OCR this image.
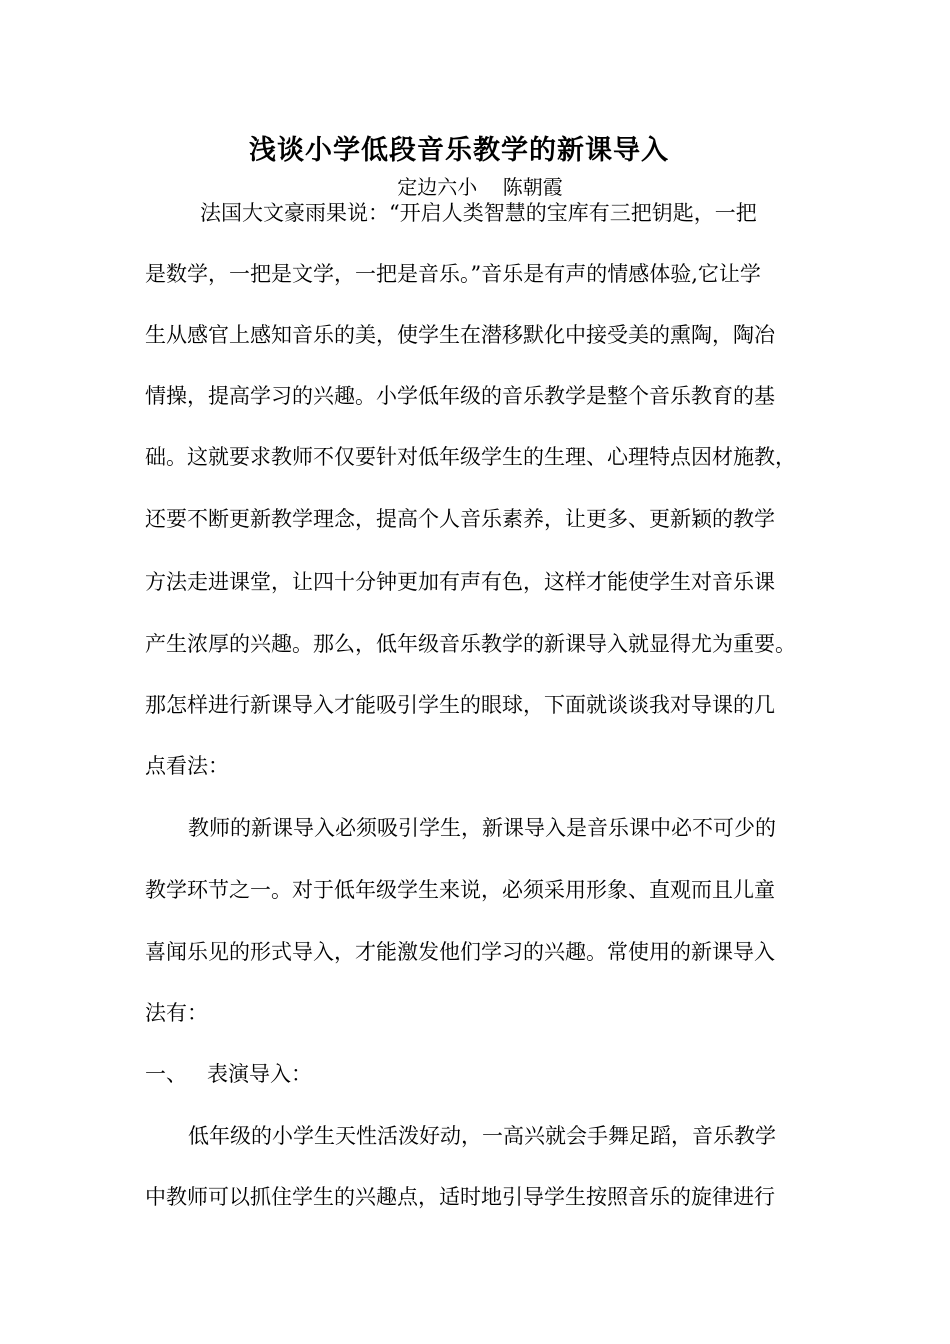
浅谈小学低段音乐教学的新课导入
定边六小    陈朝霞
法国大文豪雨果说：“开启人类智慧的宝库有三把钥匙，一把
是数学，一把是文学，一把是音乐。”音乐是有声的情感体验,它让学
生从感官上感知音乐的美，使学生在潜移默化中接受美的熏陶，陶冶
情操，提高学习的兴趣。小学低年级的音乐教学是整个音乐教育的基
础。这就要求教师不仅要针对低年级学生的生理、心理特点因材施教，
还要不断更新教学理念，提高个人音乐素养，让更多、更新颖的教学
方法走进课堂，让四十分钟更加有声有色，这样才能使学生对音乐课
产生浓厚的兴趣。那么，低年级音乐教学的新课导入就显得尤为重要。
那怎样进行新课导入才能吸引学生的眼球，下面就谈谈我对导课的几
点看法：
教师的新课导入必须吸引学生，新课导入是音乐课中必不可少的
教学环节之一。对于低年级学生来说，必须采用形象、直观而且儿童
喜闻乐见的形式导入，才能激发他们学习的兴趣。常使用的新课导入
法有：
一、   表演导入：
低年级的小学生天性活泼好动，一高兴就会手舞足蹈，音乐教学
中教师可以抓住学生的兴趣点，适时地引导学生按照音乐的旋律进行
